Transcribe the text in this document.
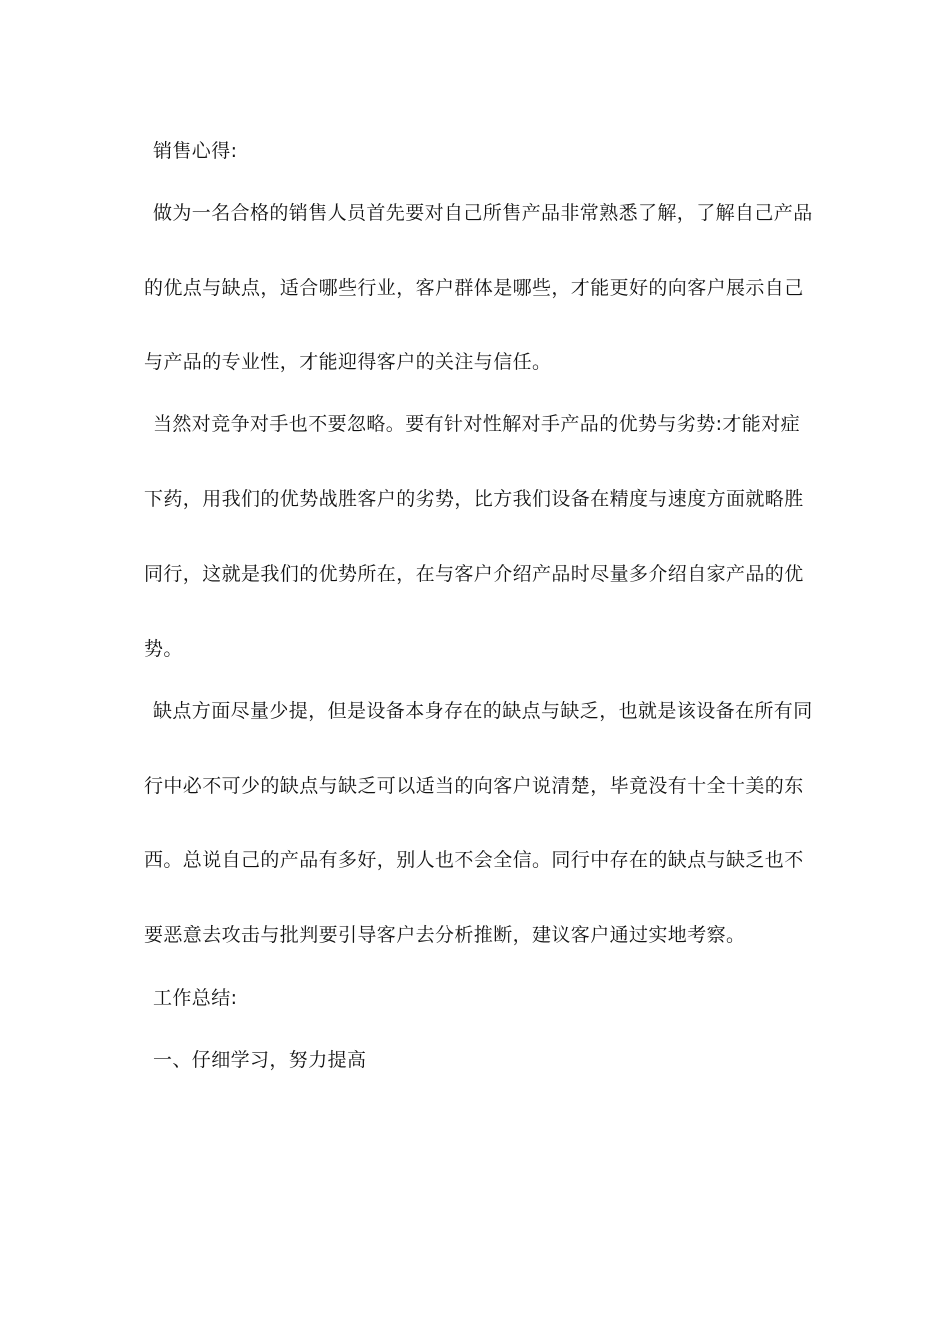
销售心得:
做为一名合格的销售人员首先要对自己所售产品非常熟悉了解，了解自己产品
的优点与缺点，适合哪些行业，客户群体是哪些，才能更好的向客户展示自己
与产品的专业性，才能迎得客户的关注与信任。
当然对竞争对手也不要忽略。要有针对性解对手产品的优势与劣势:才能对症
下药，用我们的优势战胜客户的劣势，比方我们设备在精度与速度方面就略胜
同行，这就是我们的优势所在，在与客户介绍产品时尽量多介绍自家产品的优
势。
缺点方面尽量少提，但是设备本身存在的缺点与缺乏，也就是该设备在所有同
行中必不可少的缺点与缺乏可以适当的向客户说清楚，毕竟没有十全十美的东
西。总说自己的产品有多好，别人也不会全信。同行中存在的缺点与缺乏也不
要恶意去攻击与批判要引导客户去分析推断，建议客户通过实地考察。
工作总结:
一、仔细学习，努力提高
